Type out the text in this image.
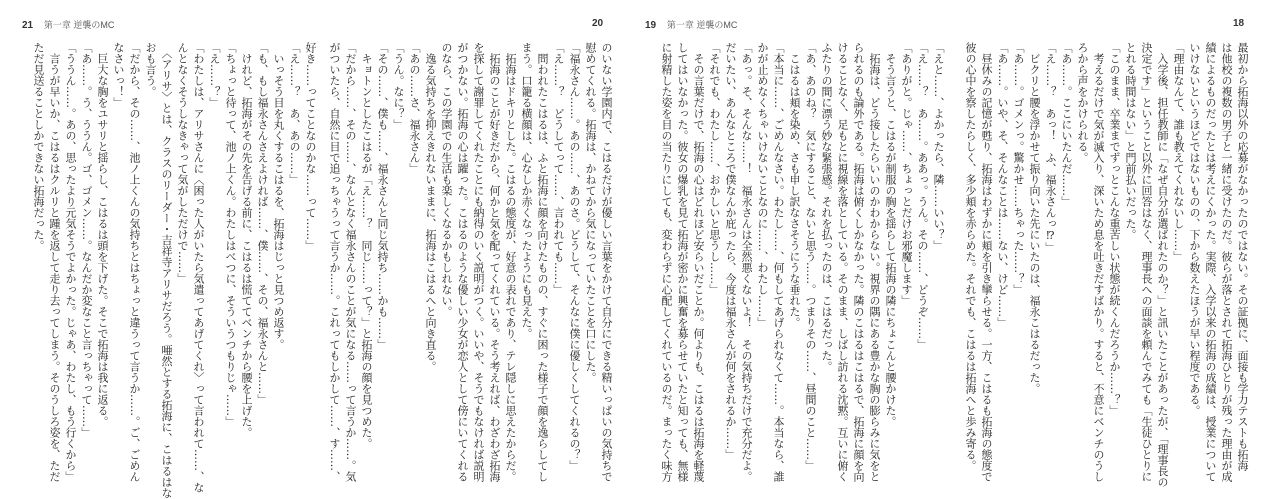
21 第一章 逆襲のMC
好き……ってことなのかな……って……」
「え……？　あ、あの……」
　いっそう目を丸くするこはるを、拓海はじっと見つめ返す。
「も、もし福永さんさえよければ……、僕……、その、福永さんと……」
　けれど、拓海がその先を告げる前に、こはるは慌ててベンチから腰を上げた。
「ちょっと待って、池ノ上くん。わたしはべつに、そういうつもりじゃ……」
「え……？」
「わたしは、アリサさんに〈困った人がいたら気遣ってあげてくれ〉って言われて……、な
んとなくそうしなきゃって気がしただけで……」
　〈アリサ〉とは、クラスのリーダー・吉祥寺アリサだろう。唖然とする拓海に、こはるはな
おも言う。
「だから、その……、池ノ上くんの気持ちとはちょっと違うって言うか……。ご、ごめん
なさいっ！」
　巨大な胸をユサリと揺らし、こはるは頭を下げた。そこで拓海は我に返る。
「あ……。う、ううん。ゴ、ゴメン……。なんだか変なこと言っちゃって……」
「ううん……。あの、思ったより元気そうでよかった。じゃあ、わたし、もう行くから」
　言うが早いか、こはるはクルリと踵を返して走り去ってしまう。そのうしろ姿を、ただ
ただ見送ることしかできない拓海だった。
20
のいない学園内で、こはるだけが優しい言葉をかけて自分にできる精いっぱいの気持ちで
慰めてくれる。拓海は、かねてから気になっていたことを口にした。
「福永さん……。あの……、あのさ。どうして、そんなに僕に優しくしてくれるの？」
「え……？　どうしてって……、言われても……」
　問われたこはるは、ふと拓海に顔を向けたものの、すぐに困った様子で顔を逸らしてし
まう。口籠る横顔は、心なしか赤くなったようにも見えた。
　拓海はドキリとした。こはるの態度が、好意の表れであり、テレ隠しに思えたからだ。
　拓海のことが好きだから、何かと気を配ってくれている。そう考えれば、わざわざ拓海
を探して謝罪してくれたことにも納得のいく説明がつく。いいや、そうでもなければ説明
がつかない。拓海の心は躍った。こはるのような優しい少女が恋人として傍にいてくれる
のなら、この学園での生活も楽しくなるかもしれない。
　逸る気持ちを抑えきれないままに、拓海はこはるへと向き直る。
「あの……さ、福永さん」
「うん。なに？」
「その……、僕も……、福永さんと同じ気持ち……かも……」
　キョトンとしたこはるが「え……？　同じ……って？」と拓海の顔を見つめた。
「だから……、その……、なんとなく福永さんのことが気になる……って言うか……。気
がついたら、自然に目で追っちゃうって言うか……。これってもしかして……、す……、
19 第一章 逆襲のMC
「えと……、よかったら、隣……いい？」
「え……？　あ……。ああっ。うん。その……、どうぞ……」
「ありがと。じゃ……、ちょっとだけお邪魔します」
　そう言うと、こはるが制服の胸を揺らして拓海の隣にちょこんと腰かけた。
　拓海は、どう接したらいいのかわからない。視界の隅にある豊かな胸の膨らみに気をと
られるのも論外である。拓海は俯くしかなかった。隣のこはるはこはるで、拓海に顔を向
けることなく、足もとに視線を落としている。そのまま、しばし訪れる沈黙。互いに俯く
ふたりの間に漂う妙な緊張感。それを払ったのは、こはるだった。
「あ、あのね？　気にすること、ないと思う……。つまりその……、昼間のこと……」
　こはるは頬を染め、さも申し訳なさそうにうな垂れた。
「本当に……、ごめんなさい。わたし……、何もしてあげられなくて……。本当なら、誰
かが止めなくちゃいけないことなのに……、わたし……」
「あっ。そ、そんな……！　福永さんは全然悪くないよ！　その気持ちだけで充分だよ。
だいたい、あんなところで僕なんか庇ったら、今度は福永さんが何をされるか……」
「それでも、わたし……、おかしいと思うし……」
　その言葉だけで、拓海の心はどれほど安らいだことか。何よりも、こはるは拓海を軽蔑
してはいなかった。彼女の爆乳を見て拓海が密かに興奮を募らせていたと知っても、無様
に射精した姿を目の当たりにしても、変わらずに心配してくれているのだ。まったく味方
18
最初から拓海以外の応募がなかったのではない。その証拠に、面接も学力テストも拓海
は他校の複数の男子と一緒に受けたのだ。彼らが落とされて拓海ひとりが残った理由が成
績によるものだったとは考えにくかった。実際、入学以来の拓海の成績は、授業について
いけないというほどではないものの、下から数えたほうが早い程度である。
「理由なんて、誰も教えてくれないし……」
　入学後、担任教師に「なぜ自分が選ばれたのか？」と訊いたことがあったが、「理事長の
決定です」ということ以外に回答はなく、理事長への面談を頼んでみても「生徒ひとりに
とれる時間はない」と門前払いだった。
「このまま、卒業までずっとこんな重苦しい状態が続くんだろうか……？」
　考えるだけで気が滅入り、深いため息を吐きだすばかり。すると、不意にベンチのうし
ろから声をかけられる。
「あ……。ここにいたんだ……」
「え……？　あっ！　ふ、福永さんっ⁉」
　ビクリと腰を浮かせて振り向いた先にいたのは、福永こはるだった。
「あ……。ゴメンっ。驚かせ……ちゃった……？」
「あ……。いや、そ、そんなことは……ない、けど……」
　昼休みの記憶が甦り、拓海はわずかに頬を引き攣らせる。一方、こはるも拓海の態度で
彼の心中を察したらしく、多少頬を赤らめた。それでも、こはるは拓海へと歩み寄る。
